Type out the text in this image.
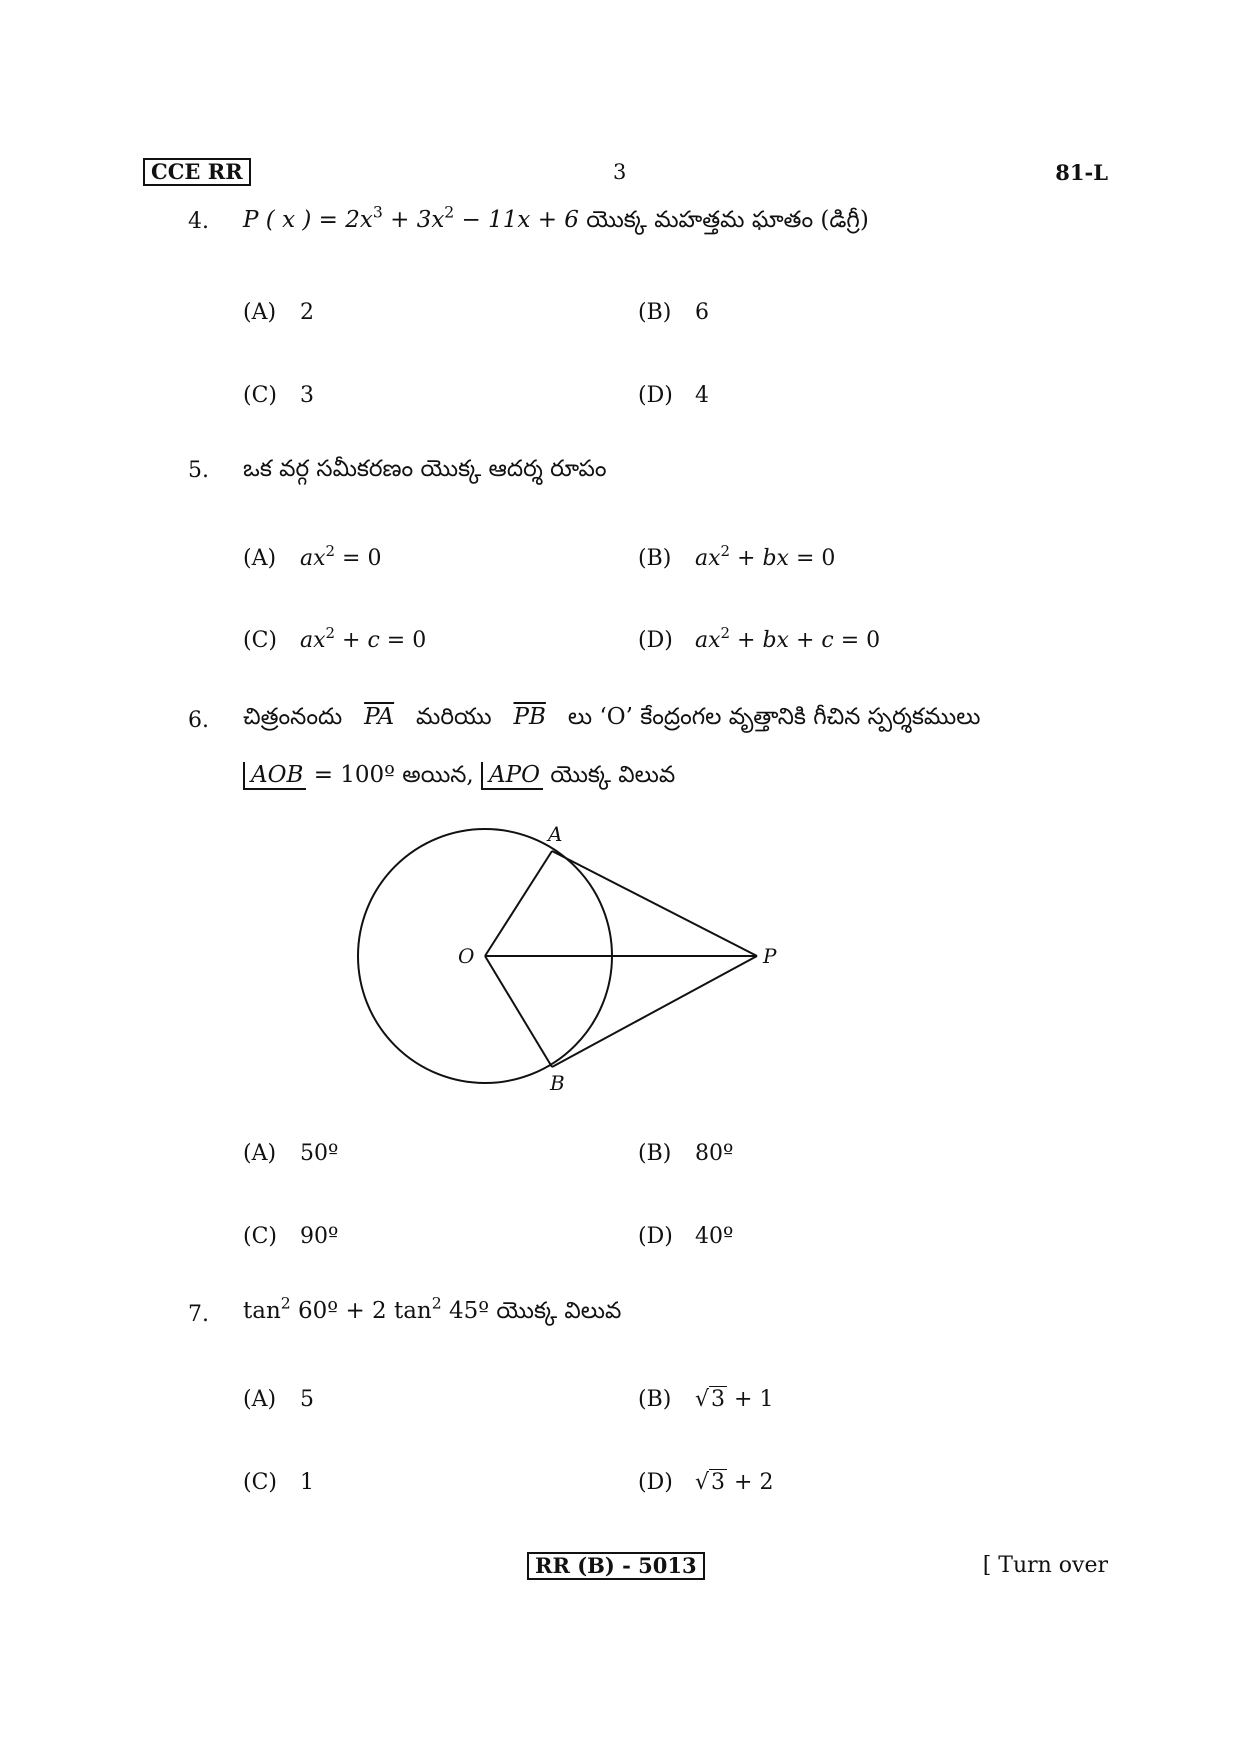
CCE RR	3	81-L
4. P ( x ) = $2x^3 + 3x^2 - 11x + 6$ యొక్క మహత్తమ ఘాతం (డిగ్రీ)
(A) 2	(B) 6
(C) 3	(D) 4
5. ఒక వర్గ సమీకరణం యొక్క ఆదర్శ రూపం
(A) $ax^2 = 0$	(B) $ax^2$ + bx = 0
(C) $ax^2 + c = 0$	(D) $ax^2$ + bx + c = 0
6. చిత్రంనందు $\overline{PA}$ మరియు $\overline{PB}$ లు ‘O’ కేంద్రంగల వృత్తానికి గీచిన స్పర్శకములు
AOB = 100º అయిన, APO యొక్క విలువ
A
O	P
B
(A) 50º	(B) 80º
(C) 90º	(D) 40º
7. $\tan^2$ 60º + 2 $\tan^2$ 45º యొక్క విలువ
(A) 5	(B) √3 + 1
(C) 1	(D) √3 + 2
RR (B) - 5013	[ Turn over
